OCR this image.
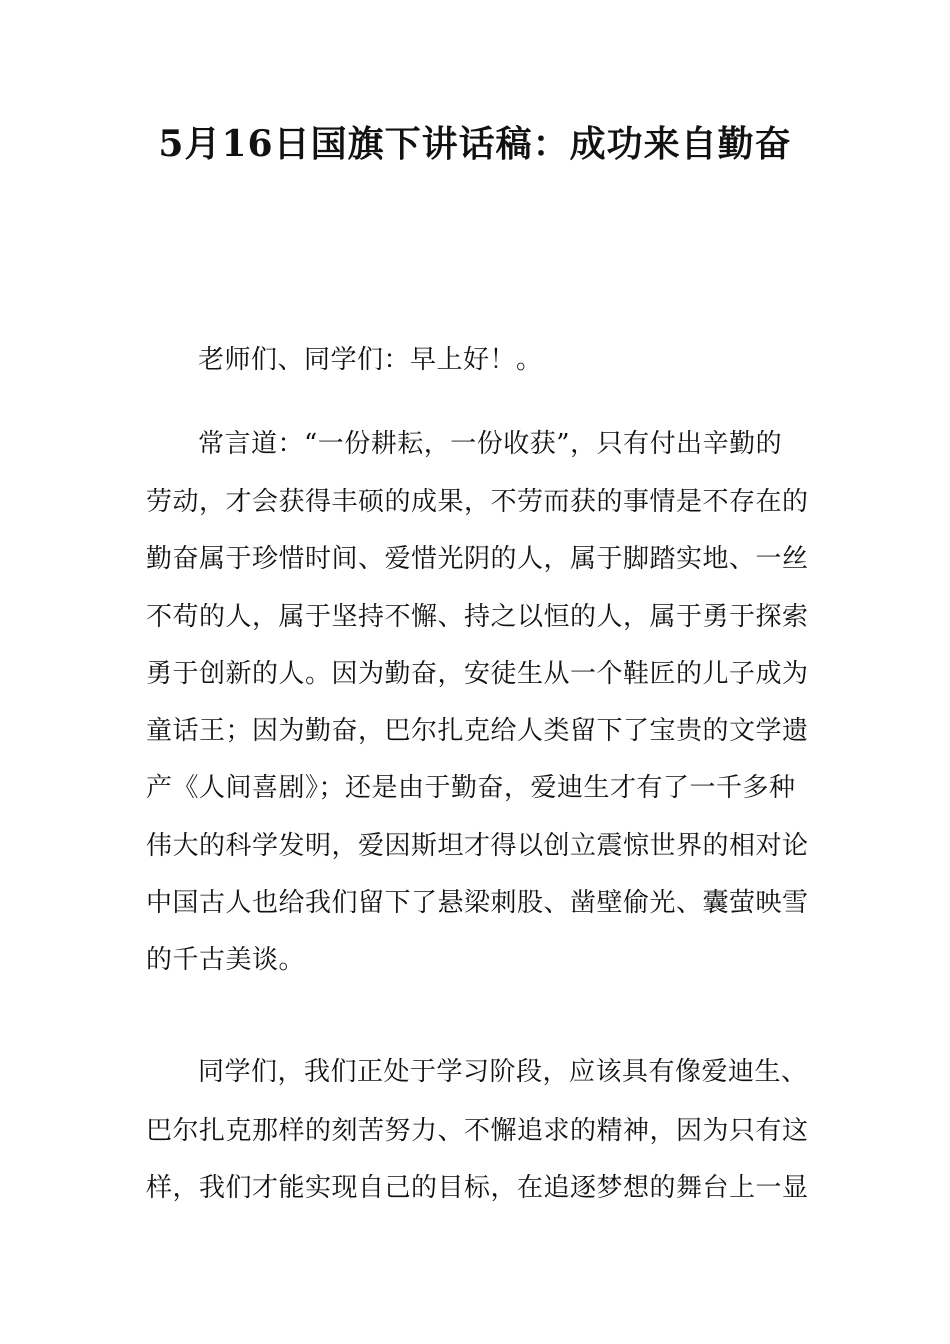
5月16日国旗下讲话稿：成功来自勤奋
老师们、同学们：早上好！。
常言道：“一份耕耘，一份收获”，只有付出辛勤的
劳动，才会获得丰硕的成果，不劳而获的事情是不存在的
勤奋属于珍惜时间、爱惜光阴的人，属于脚踏实地、一丝
不苟的人，属于坚持不懈、持之以恒的人，属于勇于探索
勇于创新的人。因为勤奋，安徒生从一个鞋匠的儿子成为
童话王；因为勤奋，巴尔扎克给人类留下了宝贵的文学遗
产《人间喜剧》；还是由于勤奋，爱迪生才有了一千多种
伟大的科学发明，爱因斯坦才得以创立震惊世界的相对论
中国古人也给我们留下了悬梁刺股、凿壁偷光、囊萤映雪
的千古美谈。
同学们，我们正处于学习阶段，应该具有像爱迪生、
巴尔扎克那样的刻苦努力、不懈追求的精神，因为只有这
样，我们才能实现自己的目标，在追逐梦想的舞台上一显
